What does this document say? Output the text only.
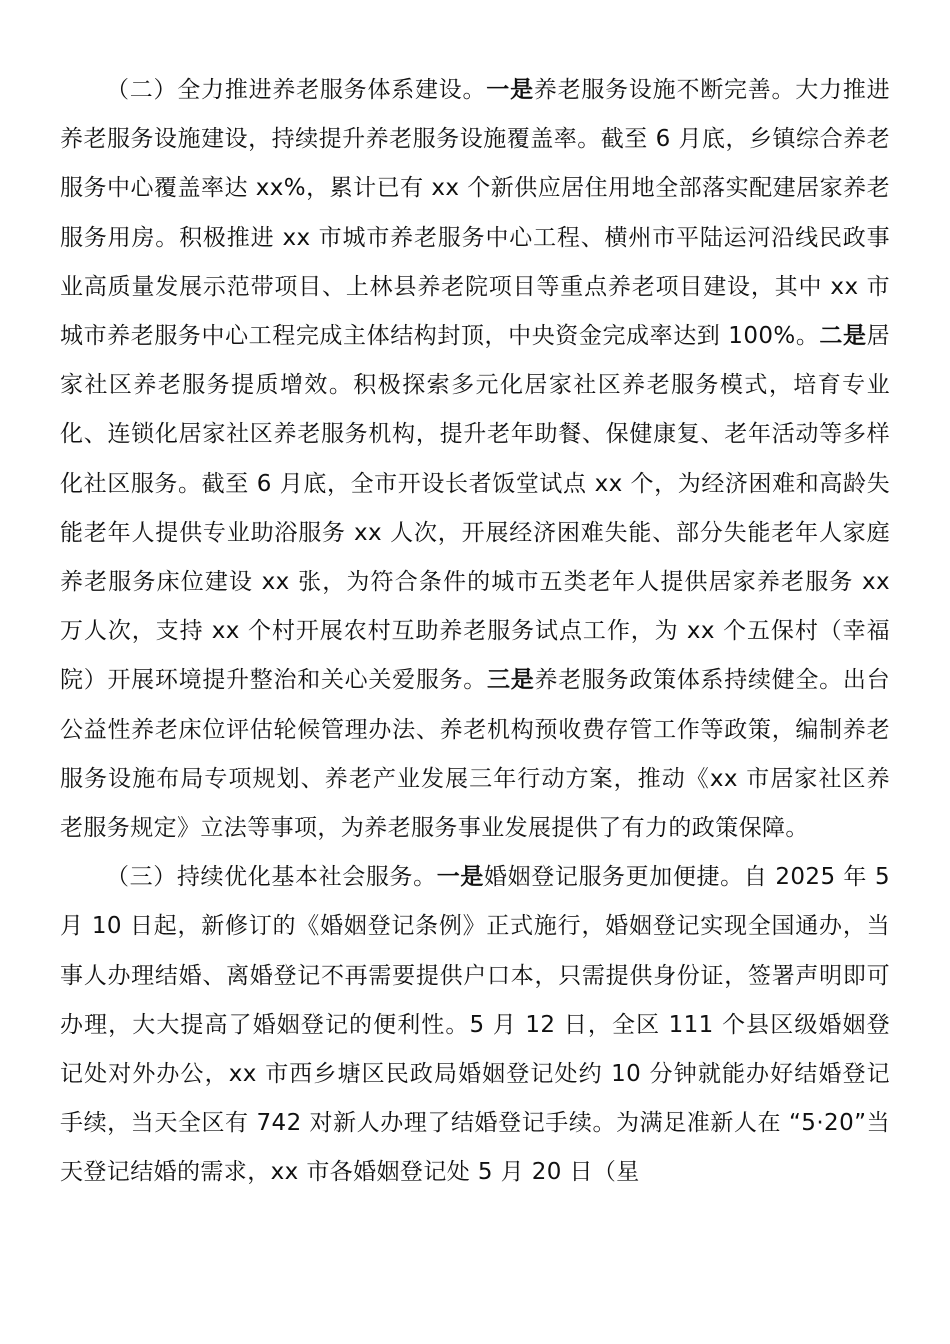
（二）全力推进养老服务体系建设。一是养老服务设施不断完善。大力推进养老服务设施建设，持续提升养老服务设施覆盖率。截至 6 月底，乡镇综合养老服务中心覆盖率达 xx%，累计已有 xx 个新供应居住用地全部落实配建居家养老服务用房。积极推进 xx 市城市养老服务中心工程、横州市平陆运河沿线民政事业高质量发展示范带项目、上林县养老院项目等重点养老项目建设，其中 xx 市城市养老服务中心工程完成主体结构封顶，中央资金完成率达到 100%。二是居家社区养老服务提质增效。积极探索多元化居家社区养老服务模式，培育专业化、连锁化居家社区养老服务机构，提升老年助餐、保健康复、老年活动等多样化社区服务。截至 6 月底，全市开设长者饭堂试点 xx 个，为经济困难和高龄失能老年人提供专业助浴服务 xx 人次，开展经济困难失能、部分失能老年人家庭养老服务床位建设 xx 张，为符合条件的城市五类老年人提供居家养老服务 xx 万人次，支持 xx 个村开展农村互助养老服务试点工作，为 xx 个五保村（幸福院）开展环境提升整治和关心关爱服务。三是养老服务政策体系持续健全。出台公益性养老床位评估轮候管理办法、养老机构预收费存管工作等政策，编制养老服务设施布局专项规划、养老产业发展三年行动方案，推动《xx 市居家社区养老服务规定》立法等事项，为养老服务事业发展提供了有力的政策保障。

（三）持续优化基本社会服务。一是婚姻登记服务更加便捷。自 2025 年 5 月 10 日起，新修订的《婚姻登记条例》正式施行，婚姻登记实现全国通办，当事人办理结婚、离婚登记不再需要提供户口本，只需提供身份证，签署声明即可办理，大大提高了婚姻登记的便利性。5 月 12 日，全区 111 个县区级婚姻登记处对外办公，xx 市西乡塘区民政局婚姻登记处约 10 分钟就能办好结婚登记手续，当天全区有 742 对新人办理了结婚登记手续。为满足准新人在 “5·20”当天登记结婚的需求，xx 市各婚姻登记处 5 月 20 日（星
